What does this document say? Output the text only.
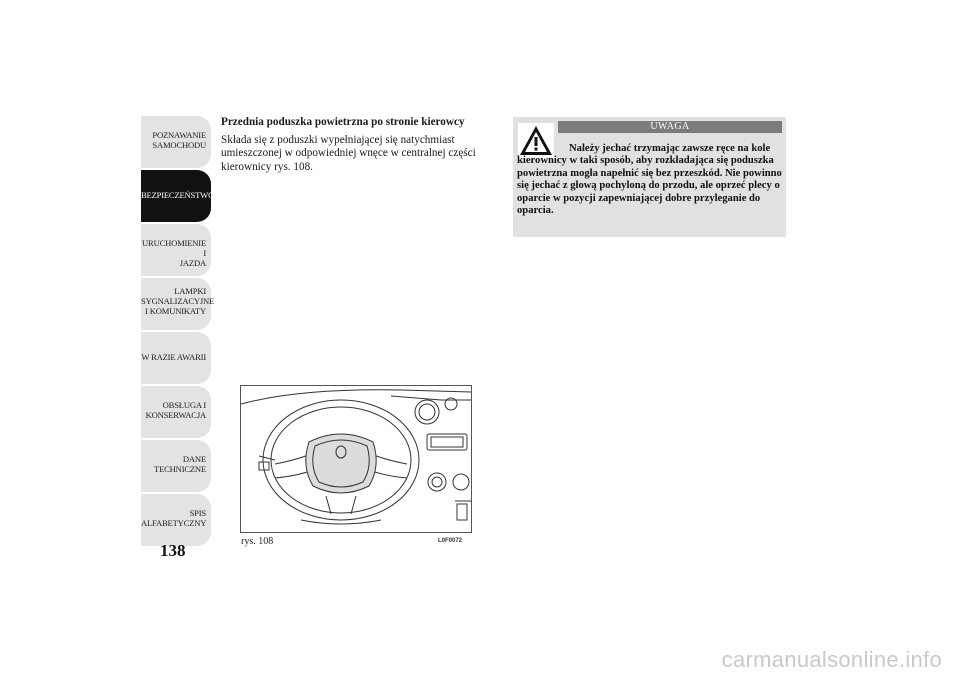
POZNAWANIE
SAMOCHODU
BEZPIECZEŃSTWO
URUCHOMIENIE I
JAZDA
LAMPKI
SYGNALIZACYJNE
I KOMUNIKATY
W RAZIE AWARII
OBSŁUGA I
KONSERWACJA
DANE
TECHNICZNE
SPIS
ALFABETYCZNY
138
Przednia poduszka powietrzna po stronie kierowcy
Składa się z poduszki wypełniającej się natychmiast umieszczonej w odpowiedniej wnęce w centralnej części kierownicy rys. 108.
rys. 108	L0F0072
UWAGA
Należy jechać trzymając zawsze ręce na kole kierownicy w taki sposób, aby rozkładająca się poduszka powietrzna mogła napełnić się bez przeszkód. Nie powinno się jechać z głową pochyloną do przodu, ale oprzeć plecy o oparcie w pozycji zapewniającej dobre przyleganie do oparcia.
carmanualsonline.info
